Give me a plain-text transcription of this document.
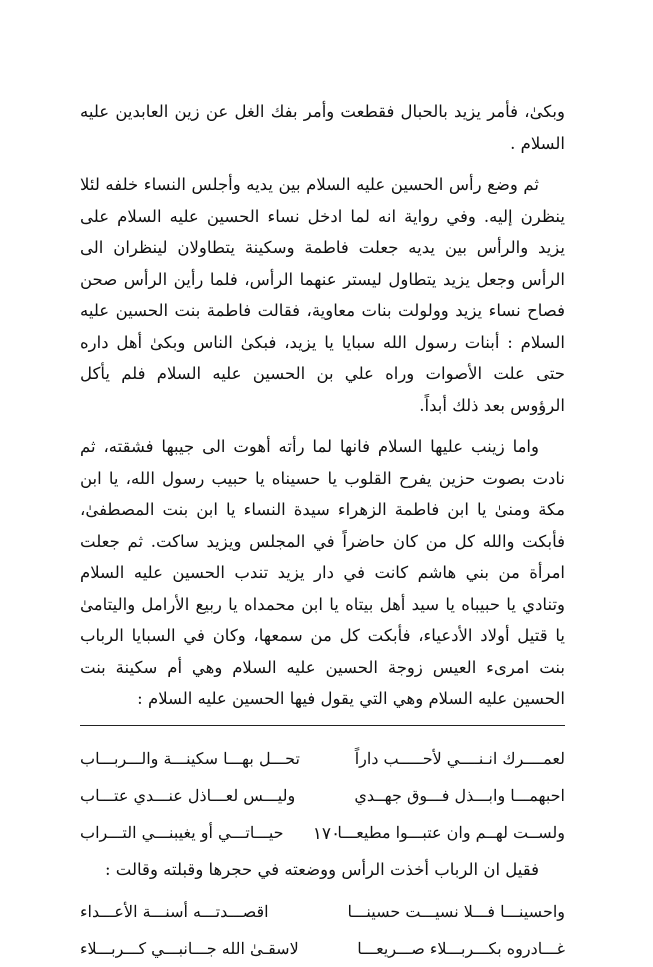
وبكىٰ، فأمر يزيد بالحبال فقطعت وأمر بفك الغل عن زين العابدين عليه السلام .

ثم وضع رأس الحسين عليه السلام بين يديه وأجلس النساء خلفه لئلا ينظرن إليه. وفي رواية انه لما ادخل نساء الحسين عليه السلام على يزيد والرأس بين يديه جعلت فاطمة وسكينة يتطاولان لينظران الى الرأس وجعل يزيد يتطاول ليستر عنهما الرأس، فلما رأين الرأس صحن فصاح نساء يزيد وولولت بنات معاوية، فقالت فاطمة بنت الحسين عليه السلام : أبنات رسول الله سبايا يا يزيد، فبكىٰ الناس وبكىٰ أهل داره حتى علت الأصوات وراه علي بن الحسين عليه السلام فلم يأكل الرؤوس بعد ذلك أبداً.

واما زينب عليها السلام فانها لما رأته أهوت الى جيبها فشقته، ثم نادت بصوت حزين يفرح القلوب يا حسيناه يا حبيب رسول الله، يا ابن مكة ومنىٰ يا ابن فاطمة الزهراء سيدة النساء يا ابن بنت المصطفىٰ، فأبكت والله كل من كان حاضراً في المجلس ويزيد ساكت. ثم جعلت امرأة من بني هاشم كانت في دار يزيد تندب الحسين عليه السلام وتنادي يا حبيباه يا سيد أهل بيتاه يا ابن محمداه يا ربيع الأرامل واليتامىٰ يا قتيل أولاد الأدعياء، فأبكت كل من سمعها، وكان في السبايا الرباب بنت امرىء العيس زوجة الحسين عليه السلام وهي أم سكينة بنت الحسين عليه السلام وهي التي يقول فيها الحسين عليه السلام :

لعمــــرك انـنــــي لأحـــــب داراً
تحـــل بهـــا سكينـــة والـــربـــاب
احبهمـــا وابـــذل فـــوق جهــدي
وليـــس لعـــاذل عنـــدي عتـــاب
ولســت لهــم وان عتبـــوا مطيعـــا
حيـــاتـــي أو يغيبنـــي التـــراب

فقيل ان الرباب أخذت الرأس ووضعته في حجرها وقبلته وقالت :

واحسينـــا فـــلا نسيـــت حسينـــا
اقصـــدتـــه أسنـــة الأعـــداء
غـــادروه بكـــربـــلاء صـــريعـــا
لاسقـىٰ الله جـــانبـــي كـــربـــلاء
١٧٠
